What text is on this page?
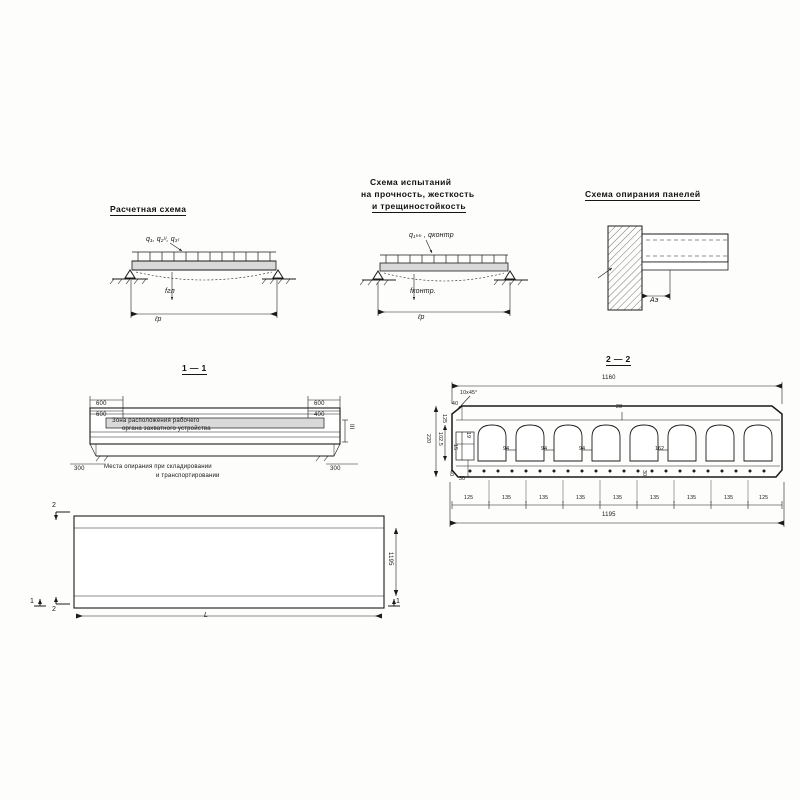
Расчетная схема
Схема испытаний
на прочность, жесткость
и трещиностойкость
Схема опирания панелей
1 — 1
2 — 2
q₁, q₂ᵘ, q₃ₗ
fгл
ℓр
q₁ₕₕ , qконтр
fконтр.
ℓр
Аэ
600
600
600
400
300	300
Зона расположения рабочего
органа захватного устройства
Места опирания при складировании
и транспортировании
III
2
2
1	1
L
1195
1160
1195
10x45°
28
220 102,5
125
40
15
19
30
40
94	94	94	162
30
125	135	135	135	135	135	135	135	125
